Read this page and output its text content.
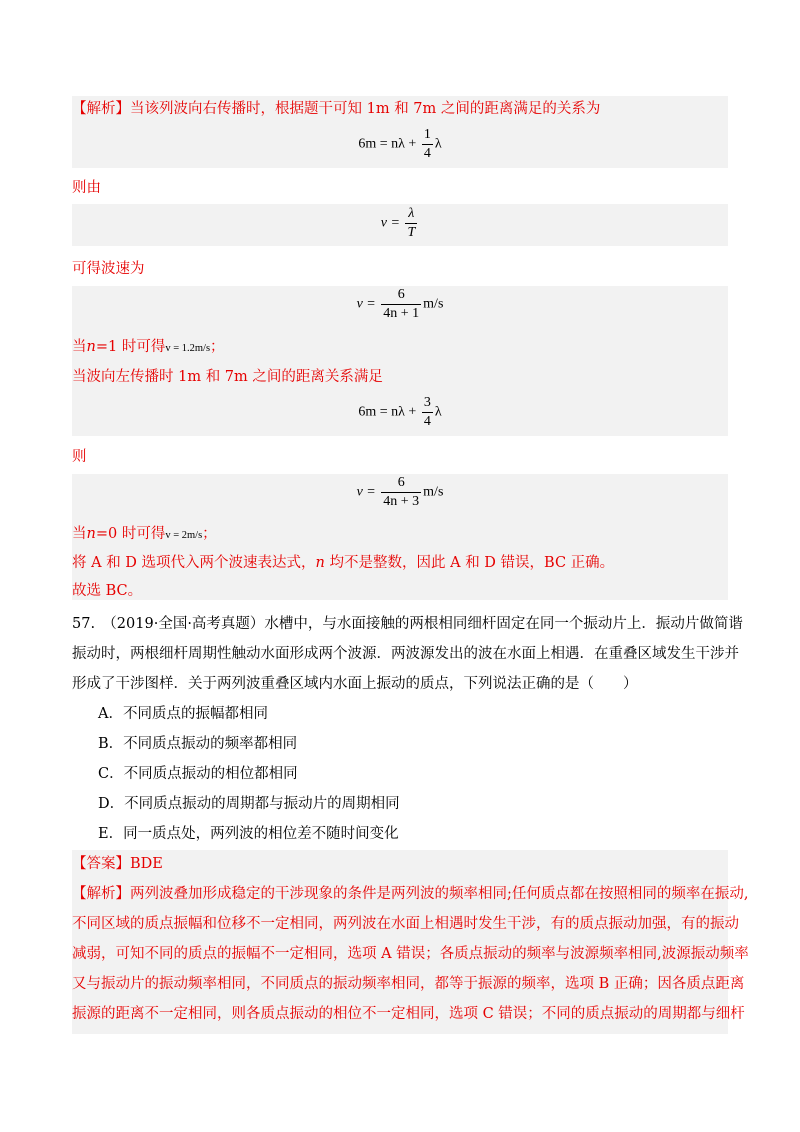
【解析】当该列波向右传播时，根据题干可知 1m 和 7m 之间的距离满足的关系为
$6m = n\lambda + \frac{1}{4}$ λ
则由
$v = \frac{\lambda}{T}$
可得波速为
$v = \frac{6}{4n + 1} m/s$
当n=1 时可得v = 1.2m/s；
当波向左传播时 1m 和 7m 之间的距离关系满足
$6m = n\lambda + \frac{3}{4}$ λ
则
$v = \frac{6}{4n + 3} m/s$
当n=0 时可得v = 2m/s；
将 A 和 D 选项代入两个波速表达式，n 均不是整数，因此 A 和 D 错误，BC 正确。
故选 BC。
57.　（2019·全国·高考真题）水槽中，与水面接触的两根相同细杆固定在同一个振动片上．振动片做简谐
振动时，两根细杆周期性触动水面形成两个波源．两波源发出的波在水面上相遇．在重叠区域发生干涉并
形成了干涉图样．关于两列波重叠区域内水面上振动的质点，下列说法正确的是（　　）
A．不同质点的振幅都相同
B．不同质点振动的频率都相同
C．不同质点振动的相位都相同
D．不同质点振动的周期都与振动片的周期相同
E．同一质点处，两列波的相位差不随时间变化
【答案】BDE
【解析】两列波叠加形成稳定的干涉现象的条件是两列波的频率相同;任何质点都在按照相同的频率在振动,
不同区域的质点振幅和位移不一定相同，两列波在水面上相遇时发生干涉，有的质点振动加强，有的振动
减弱，可知不同的质点的振幅不一定相同，选项 A 错误；各质点振动的频率与波源频率相同,波源振动频率
又与振动片的振动频率相同，不同质点的振动频率相同，都等于振源的频率，选项 B 正确；因各质点距离
振源的距离不一定相同，则各质点振动的相位不一定相同，选项 C 错误；不同的质点振动的周期都与细杆
